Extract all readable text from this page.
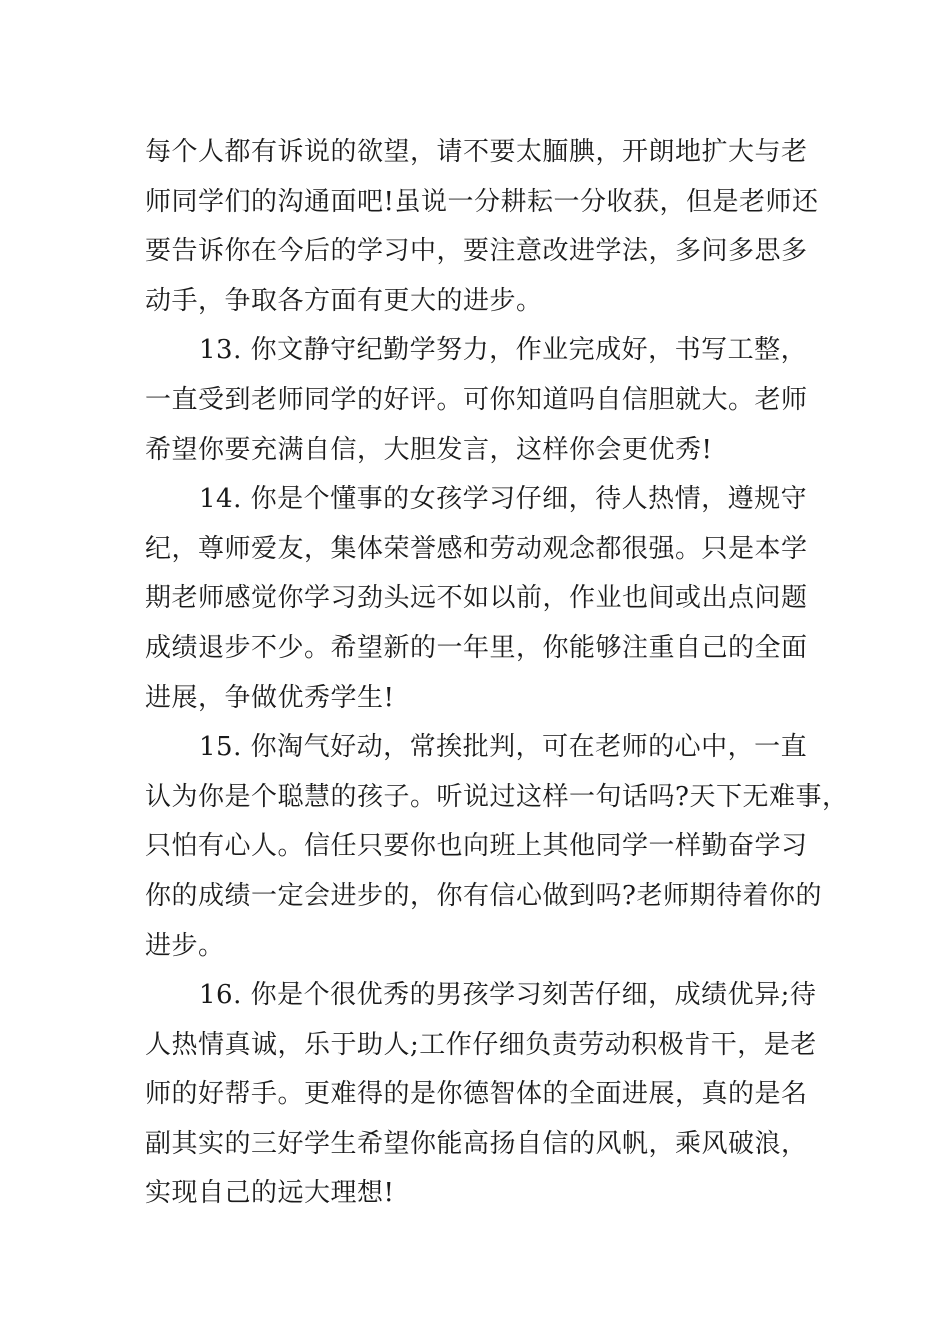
每个人都有诉说的欲望，请不要太腼腆，开朗地扩大与老
师同学们的沟通面吧!虽说一分耕耘一分收获，但是老师还
要告诉你在今后的学习中，要注意改进学法，多问多思多
动手，争取各方面有更大的进步。

13. 你文静守纪勤学努力，作业完成好，书写工整，
一直受到老师同学的好评。可你知道吗自信胆就大。老师
希望你要充满自信，大胆发言，这样你会更优秀!

14. 你是个懂事的女孩学习仔细，待人热情，遵规守
纪，尊师爱友，集体荣誉感和劳动观念都很强。只是本学
期老师感觉你学习劲头远不如以前，作业也间或出点问题
成绩退步不少。希望新的一年里，你能够注重自己的全面
进展，争做优秀学生!

15. 你淘气好动，常挨批判，可在老师的心中，一直
认为你是个聪慧的孩子。听说过这样一句话吗?天下无难事，
只怕有心人。信任只要你也向班上其他同学一样勤奋学习
你的成绩一定会进步的，你有信心做到吗?老师期待着你的
进步。

16. 你是个很优秀的男孩学习刻苦仔细，成绩优异;待
人热情真诚，乐于助人;工作仔细负责劳动积极肯干，是老
师的好帮手。更难得的是你德智体的全面进展，真的是名
副其实的三好学生希望你能高扬自信的风帆，乘风破浪，
实现自己的远大理想!
